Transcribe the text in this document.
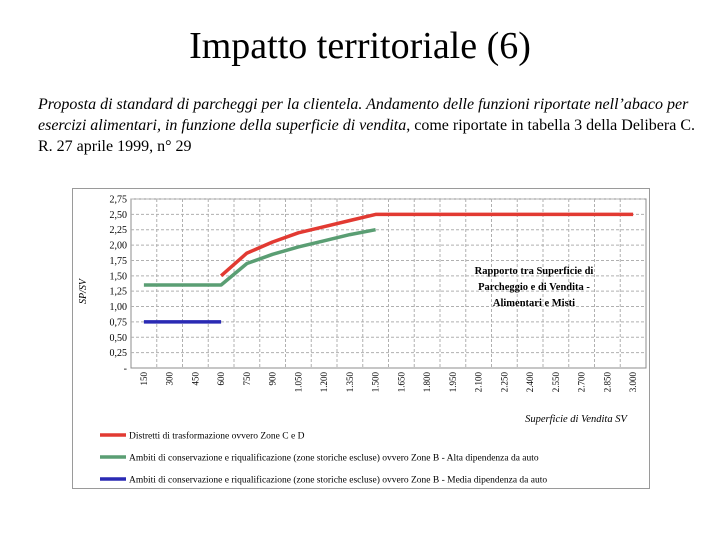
Impatto territoriale (6)
Proposta di standard di parcheggi per la clientela. Andamento delle funzioni riportate nell’abaco per esercizi alimentari, in funzione della superficie di vendita, come riportate in tabella 3 della Delibera C. R. 27 aprile 1999, n° 29
-
0,25
0,50
0,75
1,00
1,25
1,50
1,75
2,00
2,25
2,50
2,75
150 300 450 600 750 900 1.050 1.200 1.350 1.500 1.650 1.800 1.950 2.100 2.250 2.400 2.550 2.700 2.850 3.000
SP/SV
Rapporto tra Superficie di
Parcheggio e di Vendita -
Alimentari e Misti
Superficie di Vendita SV
Distretti di trasformazione ovvero Zone C e D
Ambiti di conservazione e riqualificazione (zone storiche escluse) ovvero Zone B - Alta dipendenza da auto
Ambiti di conservazione e riqualificazione (zone storiche escluse) ovvero Zone B - Media dipendenza da auto
